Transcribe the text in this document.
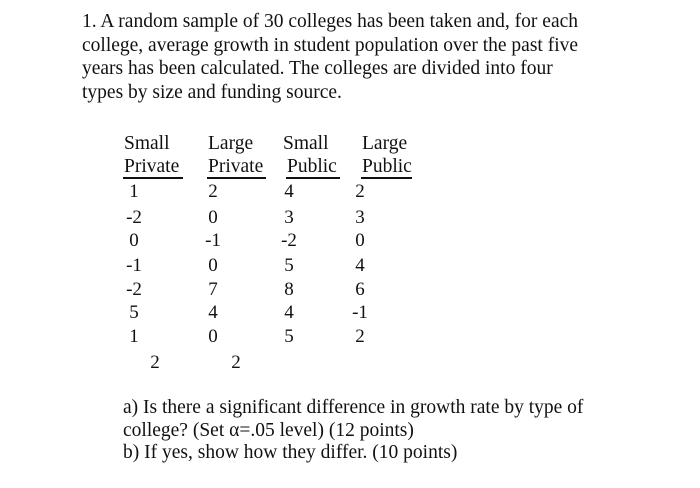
1. A random sample of 30 colleges has been taken and, for each
college, average growth in student population over the past five
years has been calculated. The colleges are divided into four
types by size and funding source.
Small Large Small Large
Private Private Public Public
1
-2
0
-1
-2
5
1
2
2
0
-1
0
7
4
0
2
4
3
-2
5
8
4
5
2
3
0
4
6
-1
2
a) Is there a significant difference in growth rate by type of
college? (Set α=.05 level) (12 points)
b) If yes, show how they differ. (10 points)
